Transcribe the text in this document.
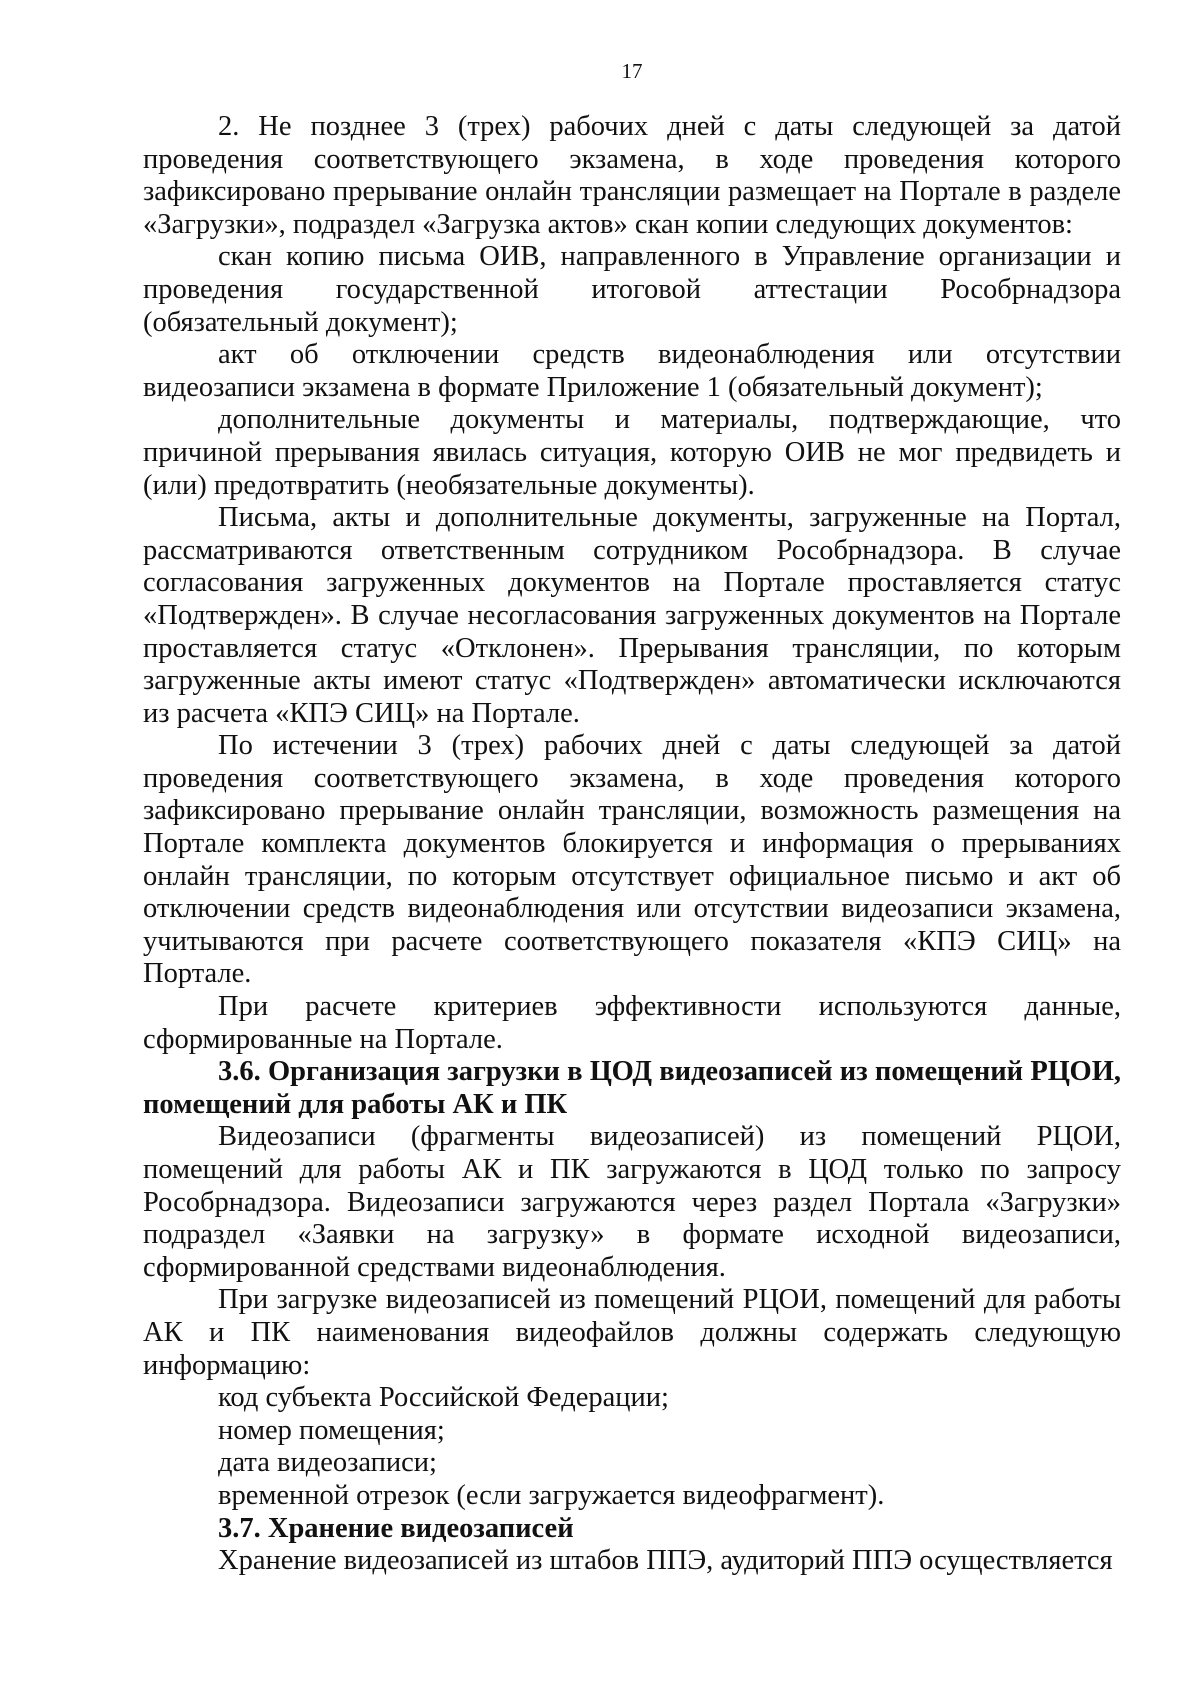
17

2. Не позднее 3 (трех) рабочих дней с даты следующей за датой проведения соответствующего экзамена, в ходе проведения которого зафиксировано прерывание онлайн трансляции размещает на Портале в разделе «Загрузки», подраздел «Загрузка актов» скан копии следующих документов:

скан копию письма ОИВ, направленного в Управление организации и проведения государственной итоговой аттестации Рособрнадзора (обязательный документ);

акт об отключении средств видеонаблюдения или отсутствии видеозаписи экзамена в формате Приложение 1 (обязательный документ);

дополнительные документы и материалы, подтверждающие, что причиной прерывания явилась ситуация, которую ОИВ не мог предвидеть и (или) предотвратить (необязательные документы).

Письма, акты и дополнительные документы, загруженные на Портал, рассматриваются ответственным сотрудником Рособрнадзора. В случае согласования загруженных документов на Портале проставляется статус «Подтвержден». В случае несогласования загруженных документов на Портале проставляется статус «Отклонен». Прерывания трансляции, по которым загруженные акты имеют статус «Подтвержден» автоматически исключаются из расчета «КПЭ СИЦ» на Портале.

По истечении 3 (трех) рабочих дней с даты следующей за датой проведения соответствующего экзамена, в ходе проведения которого зафиксировано прерывание онлайн трансляции, возможность размещения на Портале комплекта документов блокируется и информация о прерываниях онлайн трансляции, по которым отсутствует официальное письмо и акт об отключении средств видеонаблюдения или отсутствии видеозаписи экзамена, учитываются при расчете соответствующего показателя «КПЭ СИЦ» на Портале.

При расчете критериев эффективности используются данные, сформированные на Портале.

3.6. Организация загрузки в ЦОД видеозаписей из помещений РЦОИ, помещений для работы АК и ПК

Видеозаписи (фрагменты видеозаписей) из помещений РЦОИ, помещений для работы АК и ПК загружаются в ЦОД только по запросу Рособрнадзора. Видеозаписи загружаются через раздел Портала «Загрузки» подраздел «Заявки на загрузку» в формате исходной видеозаписи, сформированной средствами видеонаблюдения.

При загрузке видеозаписей из помещений РЦОИ, помещений для работы АК и ПК наименования видеофайлов должны содержать следующую информацию:

код субъекта Российской Федерации;

номер помещения;

дата видеозаписи;

временной отрезок (если загружается видеофрагмент).

3.7. Хранение видеозаписей

Хранение видеозаписей из штабов ППЭ, аудиторий ППЭ осуществляется
